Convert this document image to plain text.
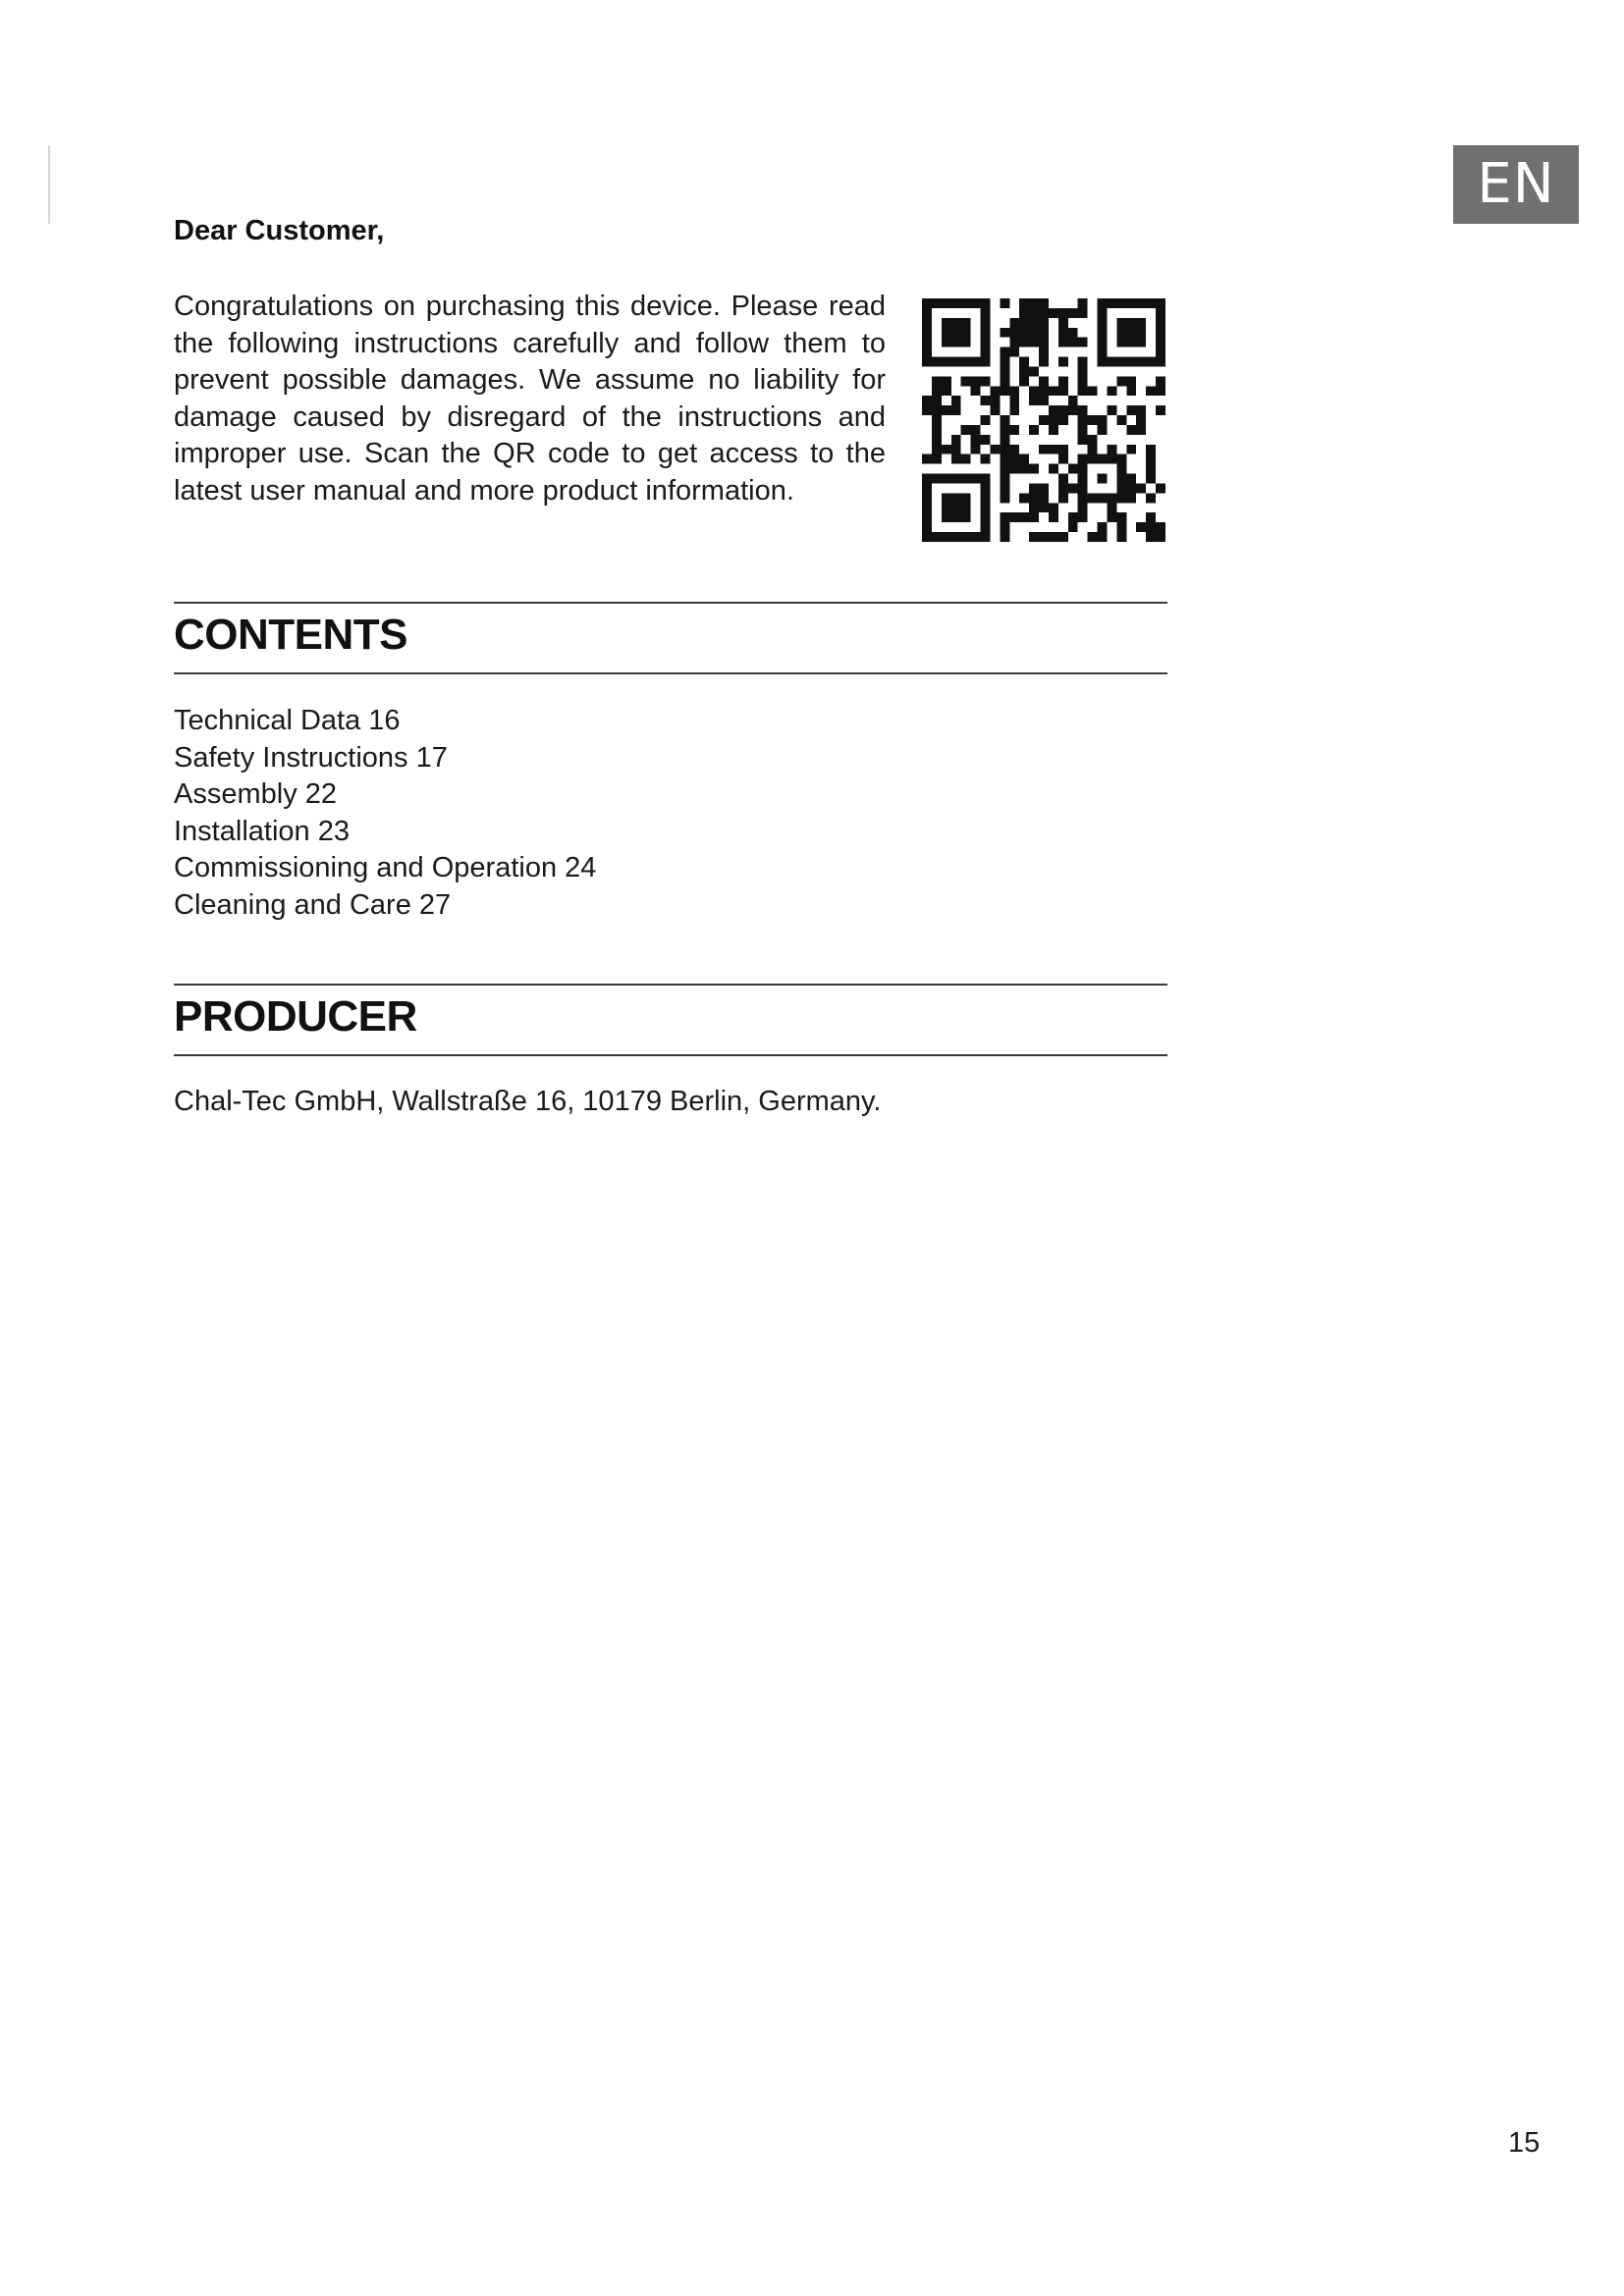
EN

Dear Customer,

Congratulations on purchasing this device. Please read the following instructions carefully and follow them to prevent possible damages. We assume no liability for damage caused by disregard of the instructions and improper use. Scan the QR code to get access to the latest user manual and more product information.

CONTENTS
Technical Data 16
Safety Instructions 17
Assembly 22
Installation 23
Commissioning and Operation 24
Cleaning and Care 27
PRODUCER

Chal-Tec GmbH, Wallstraße 16, 10179 Berlin, Germany.

15
